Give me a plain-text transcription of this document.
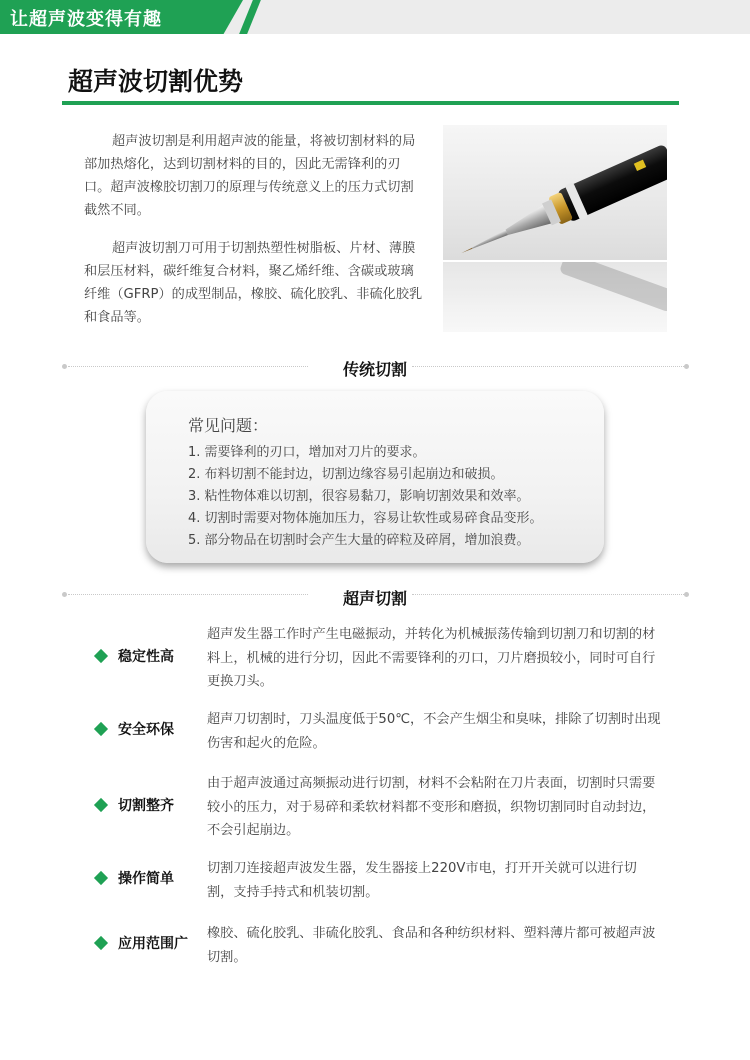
让超声波变得有趣
超声波切割优势

超声波切割是利用超声波的能量，将被切割材料的局部加热熔化，达到切割材料的目的，因此无需锋利的刃口。超声波橡胶切割刀的原理与传统意义上的压力式切割截然不同。

超声波切割刀可用于切割热塑性树脂板、片材、薄膜和层压材料，碳纤维复合材料，聚乙烯纤维、含碳或玻璃纤维（GFRP）的成型制品，橡胶、硫化胶乳、非硫化胶乳和食品等。

传统切割
常见问题：
1. 需要锋利的刃口，增加对刀片的要求。
2. 布料切割不能封边，切割边缘容易引起崩边和破损。
3. 粘性物体难以切割，很容易黏刀，影响切割效果和效率。
4. 切割时需要对物体施加压力，容易让软性或易碎食品变形。
5. 部分物品在切割时会产生大量的碎粒及碎屑，增加浪费。
超声切割
稳定性高

超声发生器工作时产生电磁振动，并转化为机械振荡传输到切割刀和切割的材料上，机械的进行分切，因此不需要锋利的刃口，刀片磨损较小，同时可自行更换刀头。

安全环保

超声刀切割时，刀头温度低于50℃，不会产生烟尘和臭味，排除了切割时出现伤害和起火的危险。

切割整齐

由于超声波通过高频振动进行切割，材料不会粘附在刀片表面，切割时只需要较小的压力，对于易碎和柔软材料都不变形和磨损，织物切割同时自动封边，不会引起崩边。

操作简单

切割刀连接超声波发生器，发生器接上220V市电，打开开关就可以进行切割，支持手持式和机装切割。

应用范围广

橡胶、硫化胶乳、非硫化胶乳、食品和各种纺织材料、塑料薄片都可被超声波切割。
